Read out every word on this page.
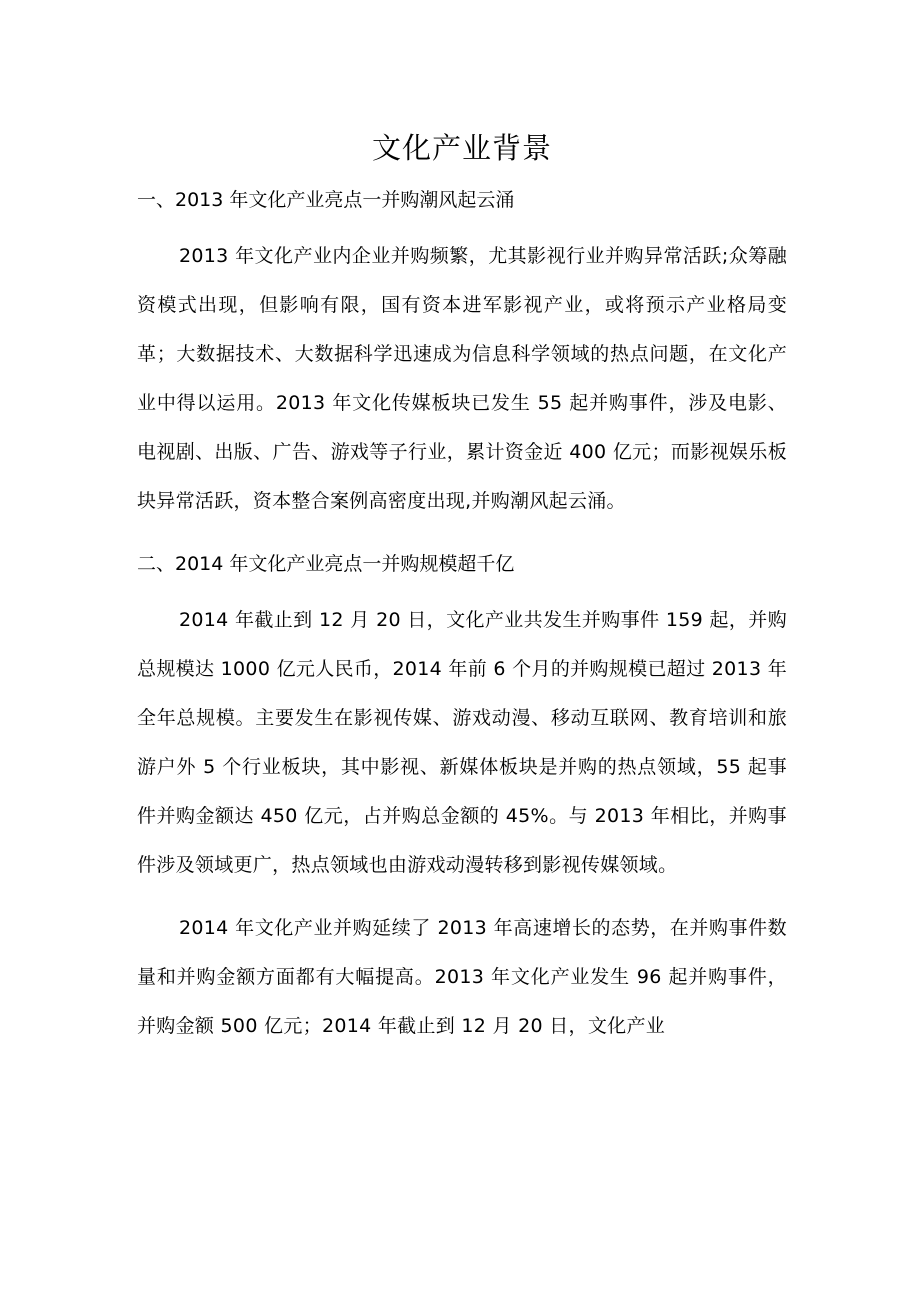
文化产业背景
一、2013 年文化产业亮点一并购潮风起云涌

2013 年文化产业内企业并购频繁，尤其影视行业并购异常活跃;众筹融资模式出现，但影响有限，国有资本进军影视产业，或将预示产业格局变革；大数据技术、大数据科学迅速成为信息科学领域的热点问题，在文化产业中得以运用。2013 年文化传媒板块已发生 55 起并购事件，涉及电影、电视剧、出版、广告、游戏等子行业，累计资金近 400 亿元；而影视娱乐板块异常活跃，资本整合案例高密度出现,并购潮风起云涌。

二、2014 年文化产业亮点一并购规模超千亿

2014 年截止到 12 月 20 日，文化产业共发生并购事件 159 起，并购总规模达 1000 亿元人民币，2014 年前 6 个月的并购规模已超过 2013 年全年总规模。主要发生在影视传媒、游戏动漫、移动互联网、教育培训和旅游户外 5 个行业板块，其中影视、新媒体板块是并购的热点领域，55 起事件并购金额达 450 亿元，占并购总金额的 45%。与 2013 年相比，并购事件涉及领域更广，热点领域也由游戏动漫转移到影视传媒领域。

2014 年文化产业并购延续了 2013 年高速增长的态势，在并购事件数量和并购金额方面都有大幅提高。2013 年文化产业发生 96 起并购事件，并购金额 500 亿元；2014 年截止到 12 月 20 日，文化产业
